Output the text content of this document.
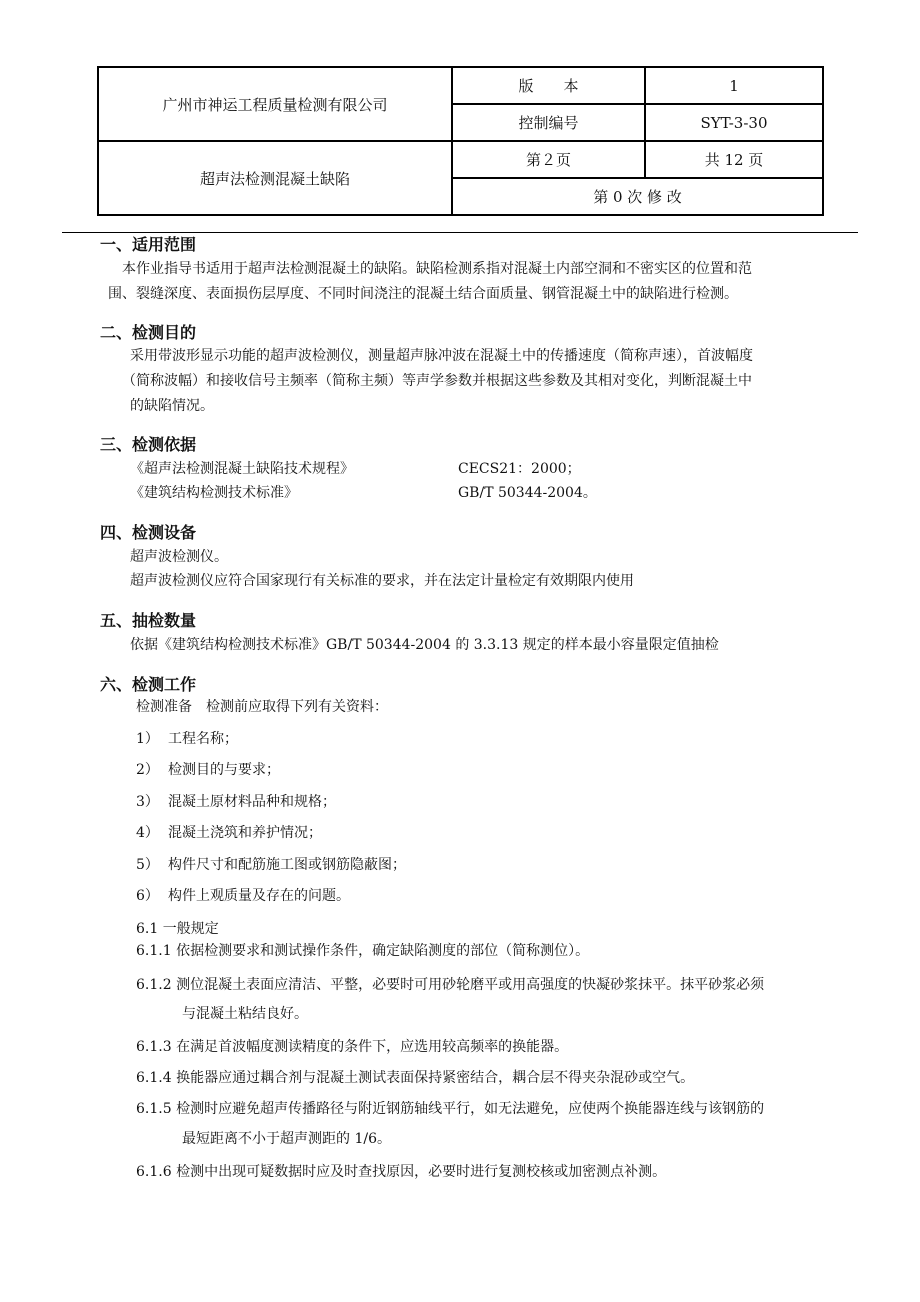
广州市神运工程质量检测有限公司	版　　本	1
	控制编号	SYT-3-30
超声法检测混凝土缺陷	第２页	共 12 页
	第 0 次 修 改	
一、适用范围
本作业指导书适用于超声法检测混凝土的缺陷。缺陷检测系指对混凝土内部空洞和不密实区的位置和范
围、裂缝深度、表面损伤层厚度、不同时间浇注的混凝土结合面质量、钢管混凝土中的缺陷进行检测。
二、检测目的
采用带波形显示功能的超声波检测仪，测量超声脉冲波在混凝土中的传播速度（简称声速），首波幅度
（简称波幅）和接收信号主频率（简称主频）等声学参数并根据这些参数及其相对变化，判断混凝土中
的缺陷情况。
三、检测依据
《超声法检测混凝土缺陷技术规程》	CECS21：2000；
《建筑结构检测技术标准》	GB/T 50344-2004。
四、检测设备
超声波检测仪。
超声波检测仪应符合国家现行有关标准的要求，并在法定计量检定有效期限内使用
五、抽检数量
依据《建筑结构检测技术标准》GB/T 50344-2004 的 3.3.13 规定的样本最小容量限定值抽检
六、检测工作
检测准备　检测前应取得下列有关资料：
1） 工程名称；
2） 检测目的与要求；
3） 混凝土原材料品种和规格；
4） 混凝土浇筑和养护情况；
5） 构件尺寸和配筋施工图或钢筋隐蔽图；
6） 构件上观质量及存在的问题。
6.1 一般规定
6.1.1 依据检测要求和测试操作条件，确定缺陷测度的部位（简称测位）。
6.1.2 测位混凝土表面应清洁、平整，必要时可用砂轮磨平或用高强度的快凝砂浆抹平。抹平砂浆必须
与混凝土粘结良好。
6.1.3 在满足首波幅度测读精度的条件下，应选用较高频率的换能器。
6.1.4 换能器应通过耦合剂与混凝土测试表面保持紧密结合，耦合层不得夹杂混砂或空气。
6.1.5 检测时应避免超声传播路径与附近钢筋轴线平行，如无法避免，应使两个换能器连线与该钢筋的
最短距离不小于超声测距的 1/6。
6.1.6 检测中出现可疑数据时应及时查找原因，必要时进行复测校核或加密测点补测。
